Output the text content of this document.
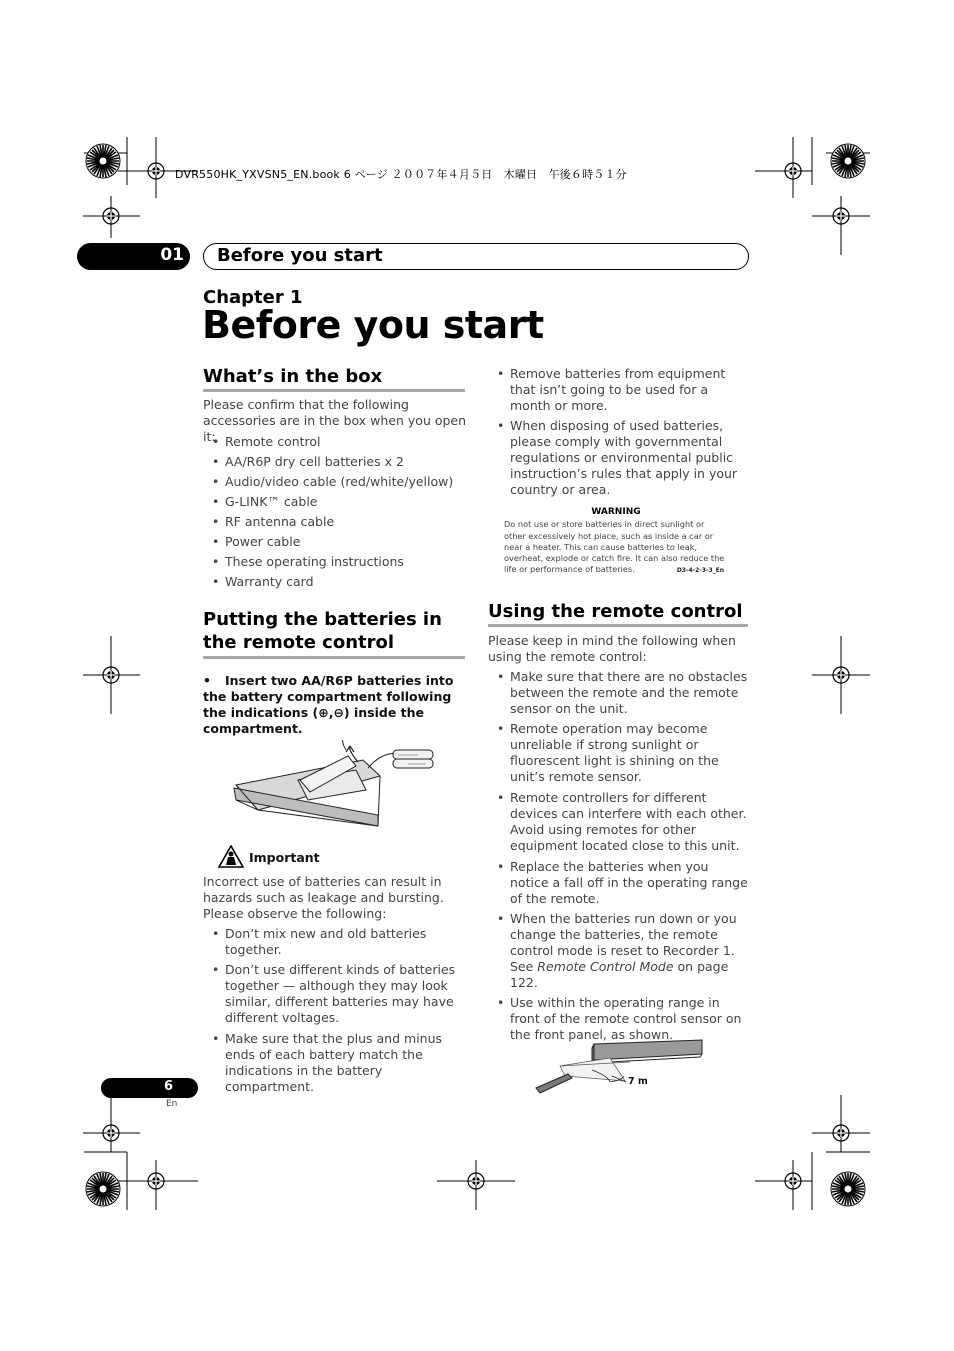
DVR550HK_YXVSN5_EN.book 6 ページ ２００７年４月５日　木曜日　午後６時５１分
01 Before you start
Chapter 1
Before you start
What’s in the box
Please confirm that the following accessories are in the box when you open it:
• Remote control
• AA/R6P dry cell batteries x 2
• Audio/video cable (red/white/yellow)
• G-LINK™ cable
• RF antenna cable
• Power cable
• These operating instructions
• Warranty card
Putting the batteries in the remote control
• Insert two AA/R6P batteries into the battery compartment following the indications (⊕,⊖) inside the compartment.
Important
Incorrect use of batteries can result in hazards such as leakage and bursting. Please observe the following:
• Don’t mix new and old batteries together.
• Don’t use different kinds of batteries together — although they may look similar, different batteries may have different voltages.
• Make sure that the plus and minus ends of each battery match the indications in the battery compartment.
• Remove batteries from equipment that isn’t going to be used for a month or more.
• When disposing of used batteries, please comply with governmental regulations or environmental public instruction’s rules that apply in your country or area.
WARNING
Do not use or store batteries in direct sunlight or other excessively hot place, such as inside a car or near a heater. This can cause batteries to leak, overheat, explode or catch fire. It can also reduce the life or performance of batteries.	D3-4-2-3-3_En
Using the remote control
Please keep in mind the following when using the remote control:
• Make sure that there are no obstacles between the remote and the remote sensor on the unit.
• Remote operation may become unreliable if strong sunlight or fluorescent light is shining on the unit’s remote sensor.
• Remote controllers for different devices can interfere with each other. Avoid using remotes for other equipment located close to this unit.
• Replace the batteries when you notice a fall off in the operating range of the remote.
• When the batteries run down or you change the batteries, the remote control mode is reset to Recorder 1. See Remote Control Mode on page 122.
• Use within the operating range in front of the remote control sensor on the front panel, as shown.
7 m
6
En
